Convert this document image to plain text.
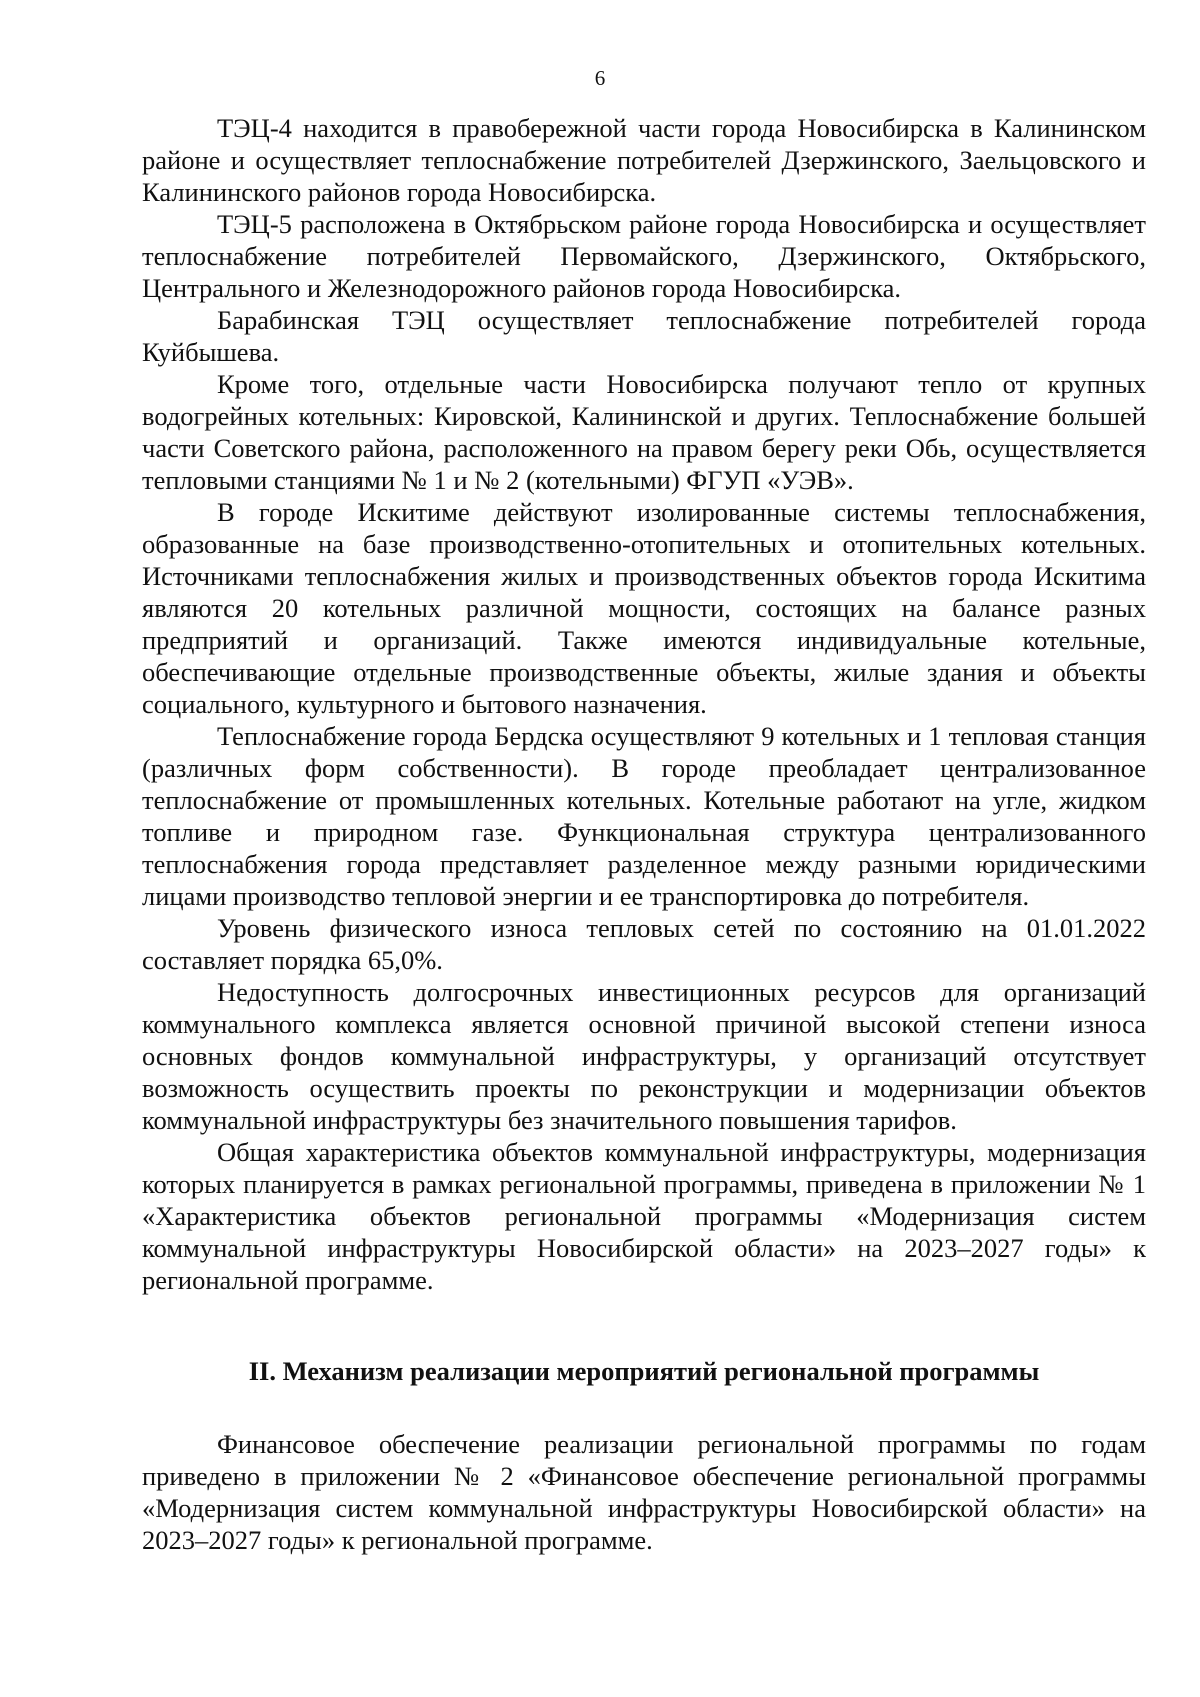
6

ТЭЦ-4 находится в правобережной части города Новосибирска в Калининском районе и осуществляет теплоснабжение потребителей Дзержинского, Заельцовского и Калининского районов города Новосибирска.

ТЭЦ-5 расположена в Октябрьском районе города Новосибирска и осуществляет теплоснабжение потребителей Первомайского, Дзержинского, Октябрьского, Центрального и Железнодорожного районов города Новосибирска.

Барабинская ТЭЦ осуществляет теплоснабжение потребителей города Куйбышева.

Кроме того, отдельные части Новосибирска получают тепло от крупных водогрейных котельных: Кировской, Калининской и других. Теплоснабжение большей части Советского района, расположенного на правом берегу реки Обь, осуществляется тепловыми станциями № 1 и № 2 (котельными) ФГУП «УЭВ».

В городе Искитиме действуют изолированные системы теплоснабжения, образованные на базе производственно-отопительных и отопительных котельных. Источниками теплоснабжения жилых и производственных объектов города Искитима являются 20 котельных различной мощности, состоящих на балансе разных предприятий и организаций. Также имеются индивидуальные котельные, обеспечивающие отдельные производственные объекты, жилые здания и объекты социального, культурного и бытового назначения.

Теплоснабжение города Бердска осуществляют 9 котельных и 1 тепловая станция (различных форм собственности). В городе преобладает централизованное теплоснабжение от промышленных котельных. Котельные работают на угле, жидком топливе и природном газе. Функциональная структура централизованного теплоснабжения города представляет разделенное между разными юридическими лицами производство тепловой энергии и ее транспортировка до потребителя.

Уровень физического износа тепловых сетей по состоянию на 01.01.2022 составляет порядка 65,0%.

Недоступность долгосрочных инвестиционных ресурсов для организаций коммунального комплекса является основной причиной высокой степени износа основных фондов коммунальной инфраструктуры, у организаций отсутствует возможность осуществить проекты по реконструкции и модернизации объектов коммунальной инфраструктуры без значительного повышения тарифов.

Общая характеристика объектов коммунальной инфраструктуры, модернизация которых планируется в рамках региональной программы, приведена в приложении № 1 «Характеристика объектов региональной программы «Модернизация систем коммунальной инфраструктуры Новосибирской области» на 2023–2027 годы» к региональной программе.

II. Механизм реализации мероприятий региональной программы

Финансовое обеспечение реализации региональной программы по годам приведено в приложении № 2 «Финансовое обеспечение региональной программы «Модернизация систем коммунальной инфраструктуры Новосибирской области» на 2023–2027 годы» к региональной программе.
